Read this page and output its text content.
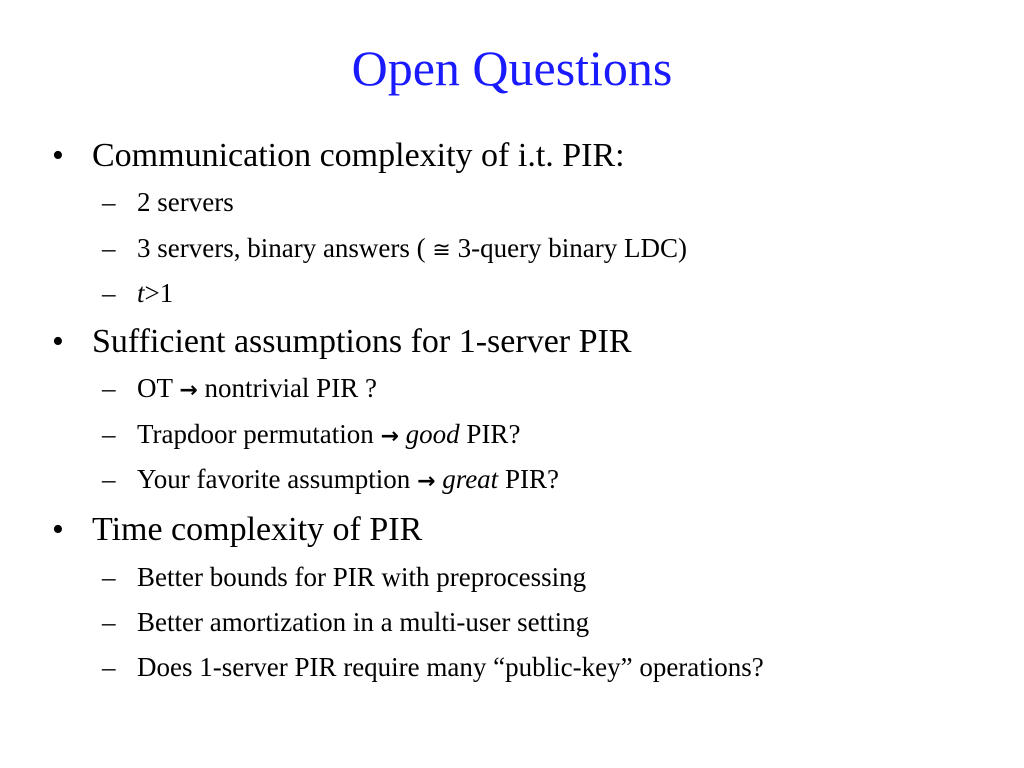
Open Questions
• Communication complexity of i.t. PIR:
– 2 servers
– 3 servers, binary answers ( ≅ 3-query binary LDC)
– t>1
• Sufficient assumptions for 1-server PIR
– OT → nontrivial PIR ?
– Trapdoor permutation → good PIR?
– Your favorite assumption → great PIR?
• Time complexity of PIR
– Better bounds for PIR with preprocessing
– Better amortization in a multi-user setting
– Does 1-server PIR require many “public-key” operations?
